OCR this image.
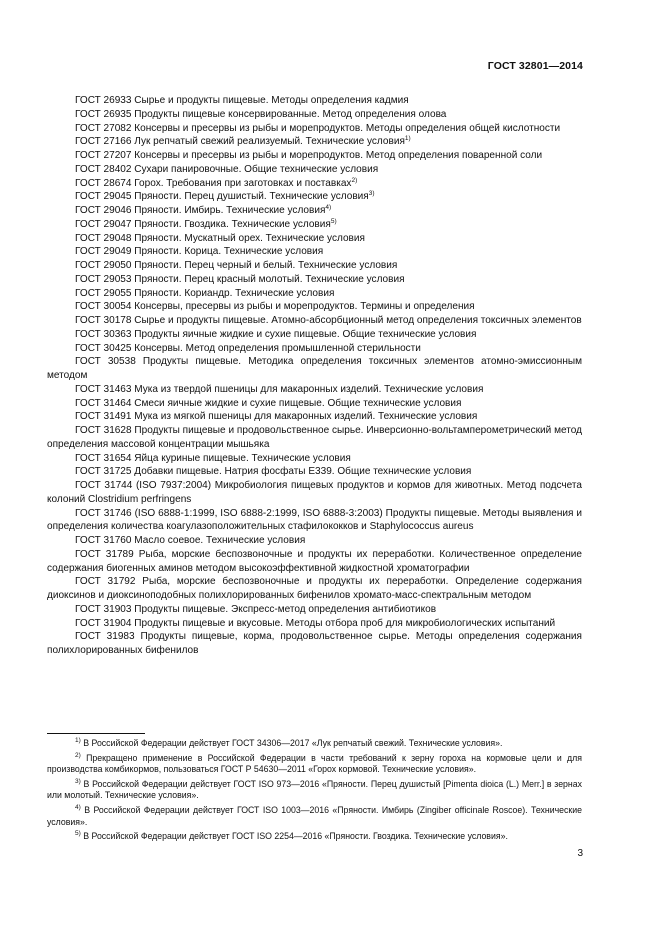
ГОСТ 32801—2014

ГОСТ 26933 Сырье и продукты пищевые. Методы определения кадмия

ГОСТ 26935 Продукты пищевые консервированные. Метод определения олова

ГОСТ 27082 Консервы и пресервы из рыбы и морепродуктов. Методы определения общей кислотности

ГОСТ 27166 Лук репчатый свежий реализуемый. Технические условия$^{1)}$

ГОСТ 27207 Консервы и пресервы из рыбы и морепродуктов. Метод определения поваренной соли

ГОСТ 28402 Сухари панировочные. Общие технические условия

ГОСТ 28674 Горох. Требования при заготовках и поставках$^{2)}$

ГОСТ 29045 Пряности. Перец душистый. Технические условия$^{3)}$

ГОСТ 29046 Пряности. Имбирь. Технические условия$^{4)}$

ГОСТ 29047 Пряности. Гвоздика. Технические условия$^{5)}$

ГОСТ 29048 Пряности. Мускатный орех. Технические условия

ГОСТ 29049 Пряности. Корица. Технические условия

ГОСТ 29050 Пряности. Перец черный и белый. Технические условия

ГОСТ 29053 Пряности. Перец красный молотый. Технические условия

ГОСТ 29055 Пряности. Кориандр. Технические условия

ГОСТ 30054 Консервы, пресервы из рыбы и морепродуктов. Термины и определения

ГОСТ 30178 Сырье и продукты пищевые. Атомно-абсорбционный метод определения токсичных элементов

ГОСТ 30363 Продукты яичные жидкие и сухие пищевые. Общие технические условия

ГОСТ 30425 Консервы. Метод определения промышленной стерильности

ГОСТ 30538 Продукты пищевые. Методика определения токсичных элементов атомно-эмиссионным методом

ГОСТ 31463 Мука из твердой пшеницы для макаронных изделий. Технические условия

ГОСТ 31464 Смеси яичные жидкие и сухие пищевые. Общие технические условия

ГОСТ 31491 Мука из мягкой пшеницы для макаронных изделий. Технические условия

ГОСТ 31628 Продукты пищевые и продовольственное сырье. Инверсионно-вольтамперометрический метод определения массовой концентрации мышьяка

ГОСТ 31654 Яйца куриные пищевые. Технические условия

ГОСТ 31725 Добавки пищевые. Натрия фосфаты Е339. Общие технические условия

ГОСТ 31744 (ISO 7937:2004) Микробиология пищевых продуктов и кормов для животных. Метод подсчета колоний Clostridium perfringens

ГОСТ 31746 (ISO 6888-1:1999, ISO 6888-2:1999, ISO 6888-3:2003) Продукты пищевые. Методы выявления и определения количества коагулазоположительных стафилококков и Staphylococcus aureus

ГОСТ 31760 Масло соевое. Технические условия

ГОСТ 31789 Рыба, морские беспозвоночные и продукты их переработки. Количественное определение содержания биогенных аминов методом высокоэффективной жидкостной хроматографии

ГОСТ 31792 Рыба, морские беспозвоночные и продукты их переработки. Определение содержания диоксинов и диоксиноподобных полихлорированных бифенилов хромато-масс-спектральным методом

ГОСТ 31903 Продукты пищевые. Экспресс-метод определения антибиотиков

ГОСТ 31904 Продукты пищевые и вкусовые. Методы отбора проб для микробиологических испытаний

ГОСТ 31983 Продукты пищевые, корма, продовольственное сырье. Методы определения содержания полихлорированных бифенилов

$^{1)}$ В Российской Федерации действует ГОСТ 34306—2017 «Лук репчатый свежий. Технические условия».

$^{2)}$ Прекращено применение в Российской Федерации в части требований к зерну гороха на кормовые цели и для производства комбикормов, пользоваться ГОСТ Р 54630—2011 «Горох кормовой. Технические условия».

$^{3)}$ В Российской Федерации действует ГОСТ ISO 973—2016 «Пряности. Перец душистый [Pimenta dioica (L.) Merr.] в зернах или молотый. Технические условия».

$^{4)}$ В Российской Федерации действует ГОСТ ISO 1003—2016 «Пряности. Имбирь (Zingiber officinale Roscoe). Технические условия».

$^{5)}$ В Российской Федерации действует ГОСТ ISO 2254—2016 «Пряности. Гвоздика. Технические условия».

3
